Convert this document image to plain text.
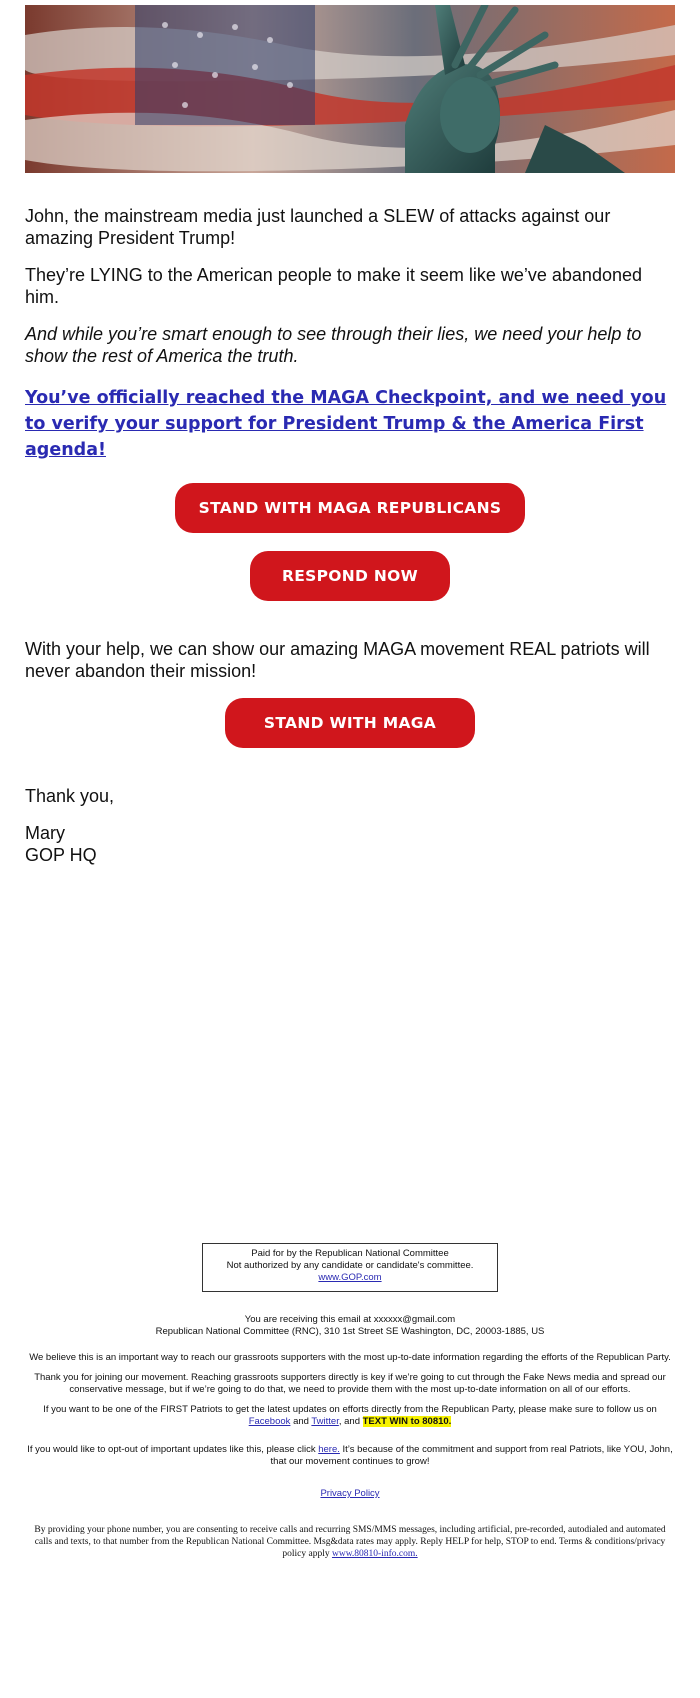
John, the mainstream media just launched a SLEW of attacks against our amazing President Trump!

They’re LYING to the American people to make it seem like we’ve abandoned him.

And while you’re smart enough to see through their lies, we need your help to show the rest of America the truth.

You’ve officially reached the MAGA Checkpoint, and we need you to verify your support for President Trump & the America First agenda!
STAND WITH MAGA REPUBLICANS
RESPOND NOW

With your help, we can show our amazing MAGA movement REAL patriots will never abandon their mission!

STAND WITH MAGA
Thank you,
Mary
GOP HQ
Paid for by the Republican National Committee
Not authorized by any candidate or candidate's committee.
www.GOP.com
You are receiving this email at xxxxxx@gmail.com
Republican National Committee (RNC), 310 1st Street SE Washington, DC, 20003-1885, US
We believe this is an important way to reach our grassroots supporters with the most up-to-date information regarding the efforts of the Republican Party.
Thank you for joining our movement. Reaching grassroots supporters directly is key if we’re going to cut through the Fake News media and spread our conservative message, but if we’re going to do that, we need to provide them with the most up-to-date information on all of our efforts.
If you want to be one of the FIRST Patriots to get the latest updates on efforts directly from the Republican Party, please make sure to follow us on Facebook and Twitter, and TEXT WIN to 80810.
If you would like to opt-out of important updates like this, please click here. It’s because of the commitment and support from real Patriots, like YOU, John, that our movement continues to grow!
Privacy Policy
By providing your phone number, you are consenting to receive calls and recurring SMS/MMS messages, including artificial, pre-recorded, autodialed and automated calls and texts, to that number from the Republican National Committee. Msg&data rates may apply. Reply HELP for help, STOP to end. Terms & conditions/privacy policy apply www.80810-info.com.
